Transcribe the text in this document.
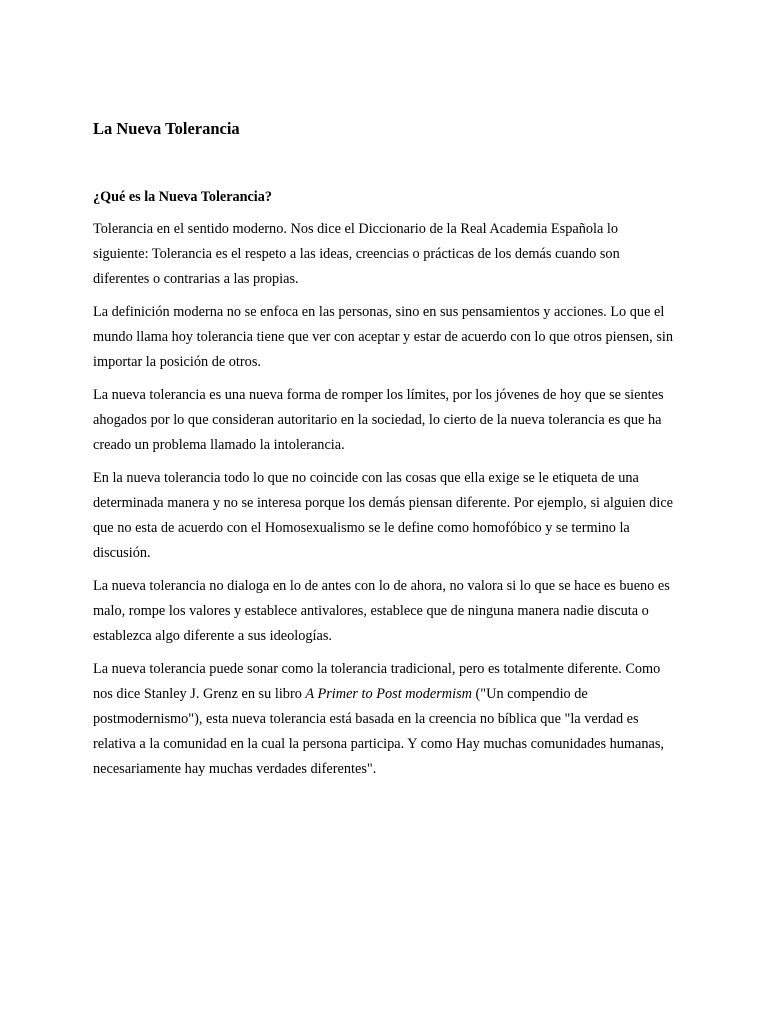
La Nueva Tolerancia
¿Qué es la Nueva Tolerancia?

Tolerancia en el sentido moderno. Nos dice el Diccionario de la Real Academia Española lo siguiente: Tolerancia es el respeto a las ideas, creencias o prácticas de los demás cuando son diferentes o contrarias a las propias.

La definición moderna no se enfoca en las personas, sino en sus pensamientos y acciones. Lo que el mundo llama hoy tolerancia tiene que ver con aceptar y estar de acuerdo con lo que otros piensen, sin importar la posición de otros.

La nueva tolerancia es una nueva forma de romper los límites, por los jóvenes de hoy que se sientes ahogados por lo que consideran autoritario en la sociedad, lo cierto de la nueva tolerancia es que ha creado un problema llamado la intolerancia.

En la nueva tolerancia todo lo que no coincide con las cosas que ella exige se le etiqueta de una determinada manera y no se interesa porque los demás piensan diferente. Por ejemplo, si alguien dice que no esta de acuerdo con el Homosexualismo se le define como homofóbico y se termino la discusión.

La nueva tolerancia no dialoga en lo de antes con lo de ahora, no valora si lo que se hace es bueno es malo, rompe los valores y establece antivalores, establece que de ninguna manera nadie discuta o establezca algo diferente a sus ideologías.

La nueva tolerancia puede sonar como la tolerancia tradicional, pero es totalmente diferente. Como nos dice Stanley J. Grenz en su libro A Primer to Post modermism ("Un compendio de postmodernismo"), esta nueva tolerancia está basada en la creencia no bíblica que "la verdad es relativa a la comunidad en la cual la persona participa. Y como Hay muchas comunidades humanas, necesariamente hay muchas verdades diferentes".
